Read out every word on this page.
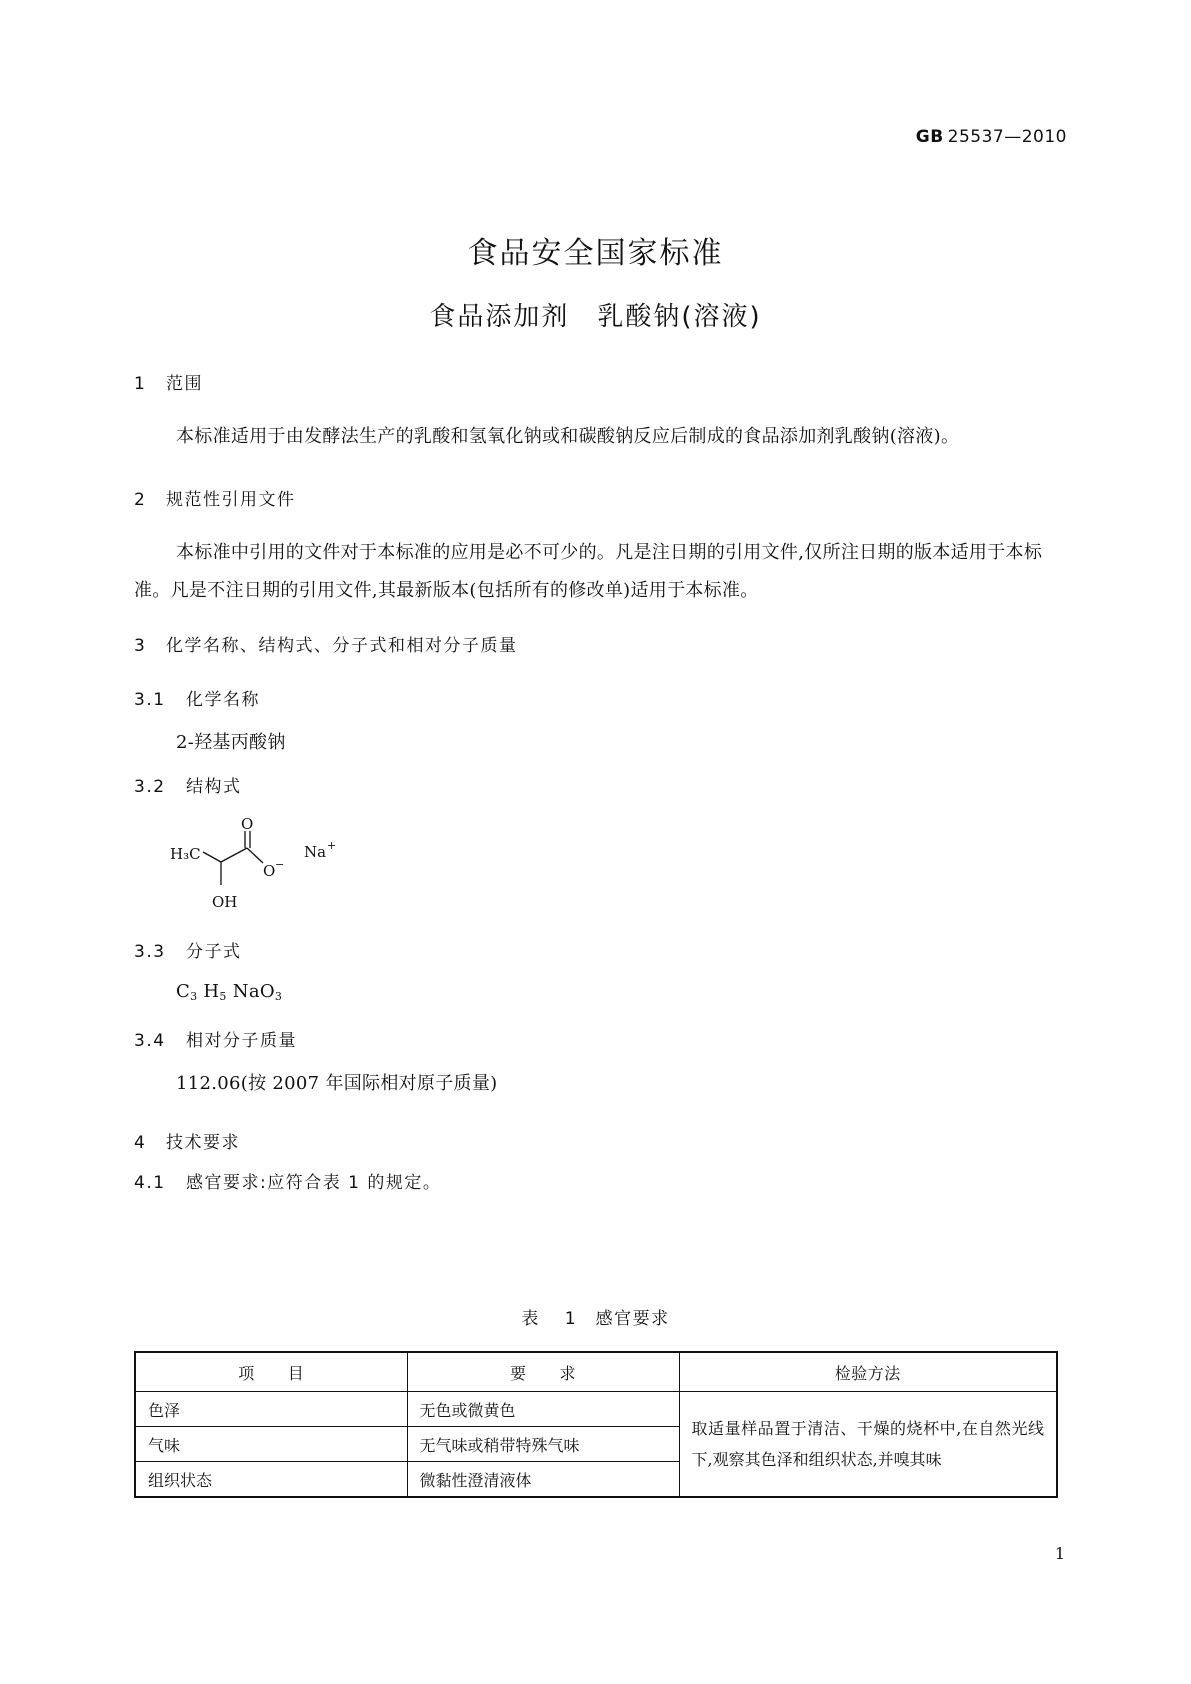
GB 25537—2010
食品安全国家标准
食品添加剂　乳酸钠(溶液)
1 范围
本标准适用于由发酵法生产的乳酸和氢氧化钠或和碳酸钠反应后制成的食品添加剂乳酸钠(溶液)。
2 规范性引用文件
本标准中引用的文件对于本标准的应用是必不可少的。凡是注日期的引用文件,仅所注日期的版本适用于本标准。凡是不注日期的引用文件,其最新版本(包括所有的修改单)适用于本标准。
3 化学名称、结构式、分子式和相对分子质量
3.1 化学名称
2-羟基丙酸钠
3.2 结构式
H₃C
O
O −
OH
Na +
3.3 分子式
$C_3$ $H_5$ NaO$_3$
3.4 相对分子质量
112.06(按 2007 年国际相对原子质量)
4 技术要求
4.1 感官要求:应符合表 1 的规定。
表 1　感官要求
项　　目	要　　求	检验方法
色泽	无色或微黄色	取适量样品置于清洁、干燥的烧杯中,在自然光线下,观察其色泽和组织状态,并嗅其味
气味	无气味或稍带特殊气味	
组织状态	微黏性澄清液体	
1
